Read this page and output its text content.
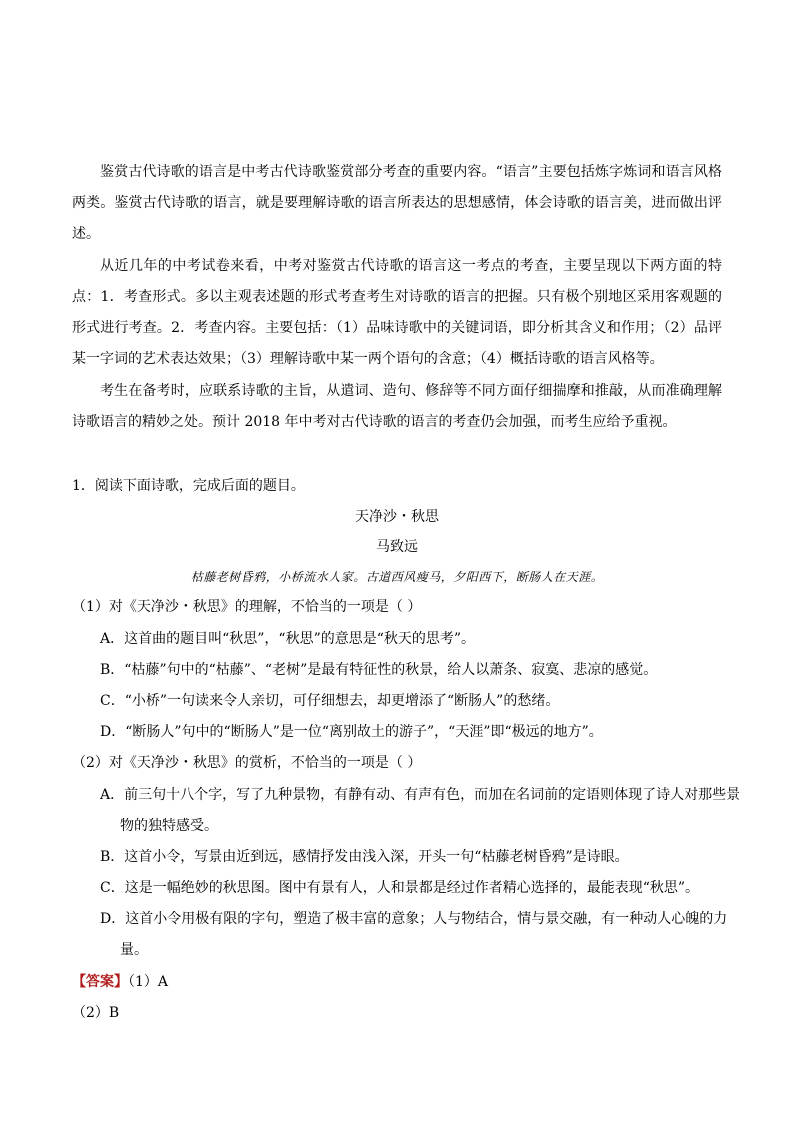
鉴赏古代诗歌的语言是中考古代诗歌鉴赏部分考查的重要内容。“语言”主要包括炼字炼词和语言风格两类。鉴赏古代诗歌的语言，就是要理解诗歌的语言所表达的思想感情，体会诗歌的语言美，进而做出评述。

从近几年的中考试卷来看，中考对鉴赏古代诗歌的语言这一考点的考查，主要呈现以下两方面的特点：1．考查形式。多以主观表述题的形式考查考生对诗歌的语言的把握。只有极个别地区采用客观题的形式进行考查。2．考查内容。主要包括：（1）品味诗歌中的关键词语，即分析其含义和作用；（2）品评某一字词的艺术表达效果；（3）理解诗歌中某一两个语句的含意；（4）概括诗歌的语言风格等。

考生在备考时，应联系诗歌的主旨，从遣词、造句、修辞等不同方面仔细揣摩和推敲，从而准确理解诗歌语言的精妙之处。预计 2018 年中考对古代诗歌的语言的考查仍会加强，而考生应给予重视。

1．阅读下面诗歌，完成后面的题目。

天净沙・秋思
马致远
枯藤老树昏鸦，小桥流水人家。古道西风瘦马，夕阳西下，断肠人在天涯。
（1）对《天净沙・秋思》的理解，不恰当的一项是（ ）
A．这首曲的题目叫“秋思”，“秋思”的意思是“秋天的思考”。
B．“枯藤”句中的“枯藤”、“老树”是最有特征性的秋景，给人以萧条、寂寞、悲凉的感觉。
C．“小桥”一句读来令人亲切，可仔细想去，却更增添了“断肠人”的愁绪。
D．“断肠人”句中的“断肠人”是一位“离别故土的游子”，“天涯”即“极远的地方”。
（2）对《天净沙・秋思》的赏析，不恰当的一项是（ ）
A．前三句十八个字，写了九种景物，有静有动、有声有色，而加在名词前的定语则体现了诗人对那些景物的独特感受。
B．这首小令，写景由近到远，感情抒发由浅入深，开头一句“枯藤老树昏鸦”是诗眼。
C．这是一幅绝妙的秋思图。图中有景有人，人和景都是经过作者精心选择的，最能表现“秋思”。
D．这首小令用极有限的字句，塑造了极丰富的意象；人与物结合，情与景交融，有一种动人心魄的力量。
【答案】（1）A
（2）B
